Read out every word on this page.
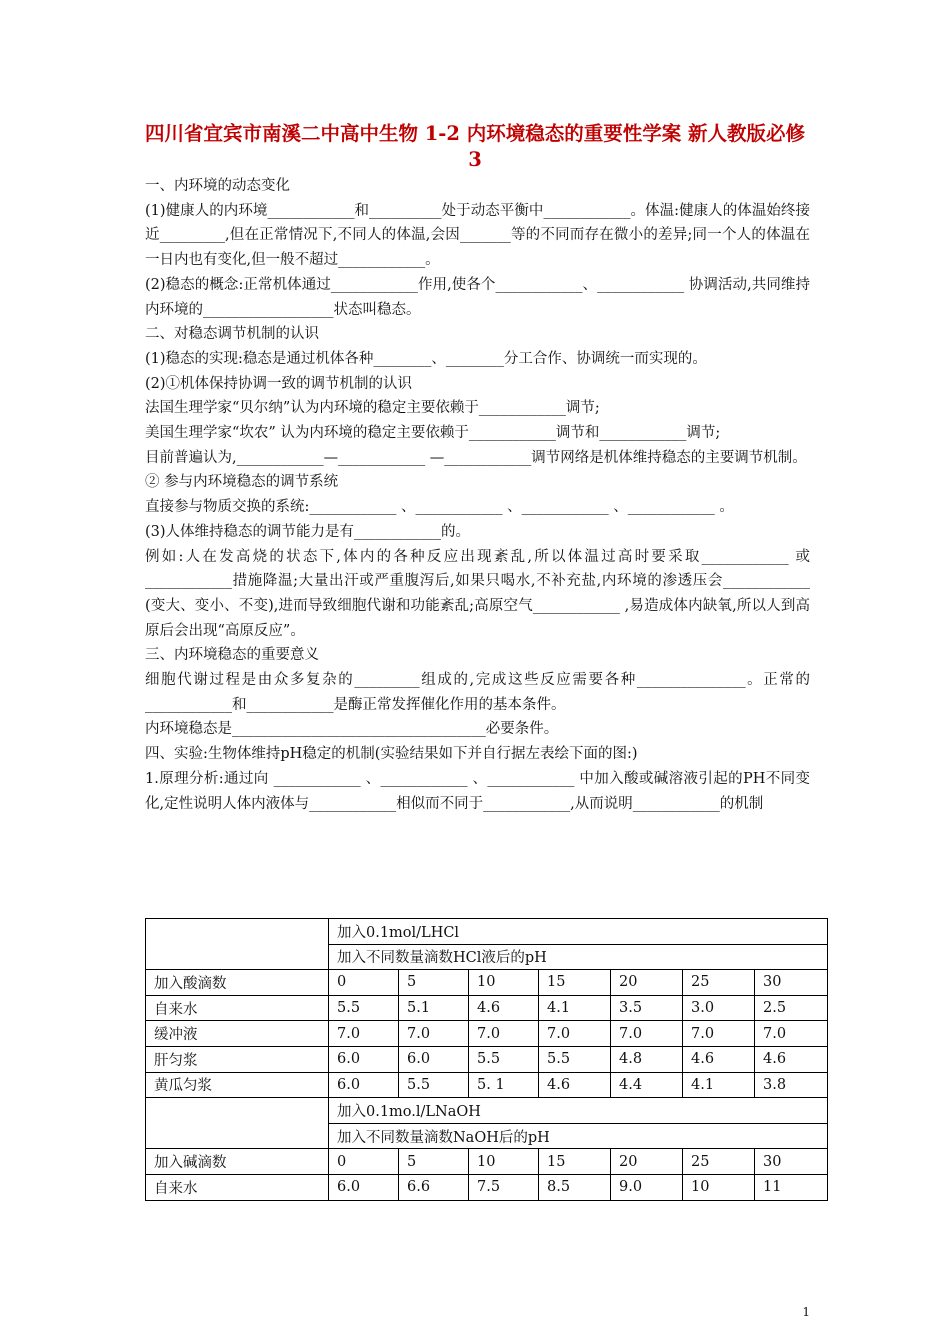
四川省宜宾市南溪二中高中生物 1-2 内环境稳态的重要性学案 新人教版必修3

一、内环境的动态变化

(1)健康人的内环境____________和__________处于动态平衡中____________。体温:健康人的体温始终接近_________,但在正常情况下,不同人的体温,会因_______等的不同而存在微小的差异;同一个人的体温在一日内也有变化,但一般不超过____________。

(2)稳态的概念:正常机体通过____________作用,使各个____________、____________ 协调活动,共同维持内环境的__________________状态叫稳态。

二、对稳态调节机制的认识

(1)稳态的实现:稳态是通过机体各种________、________分工合作、协调统一而实现的。

(2)①机体保持协调一致的调节机制的认识

法国生理学家“贝尔纳”认为内环境的稳定主要依赖于____________调节;

美国生理学家“坎农” 认为内环境的稳定主要依赖于____________调节和____________调节;

目前普遍认为,____________—____________ —____________调节网络是机体维持稳态的主要调节机制。

② 参与内环境稳态的调节系统

直接参与物质交换的系统:____________ 、____________ 、____________ 、____________ 。

(3)人体维持稳态的调节能力是有____________的。

例如:人在发高烧的状态下,体内的各种反应出现紊乱,所以体温过高时要采取____________ 或____________措施降温;大量出汗或严重腹泻后,如果只喝水,不补充盐,内环境的渗透压会____________ (变大、变小、不变),进而导致细胞代谢和功能紊乱;高原空气____________ ,易造成体内缺氧,所以人到高原后会出现“高原反应”。

三、内环境稳态的重要意义

细胞代谢过程是由众多复杂的_________组成的,完成这些反应需要各种_______________。正常的____________和____________是酶正常发挥催化作用的基本条件。

内环境稳态是___________________________________必要条件。

四、实验:生物体维持pH稳定的机制(实验结果如下并自行据左表绘下面的图:)

1.原理分析:通过向 ____________ 、____________ 、____________ 中加入酸或碱溶液引起的PH不同变化,定性说明人体内液体与____________相似而不同于____________,从而说明____________的机制

	加入0.1mol/LHCl						
	加入不同数量滴数HCl液后的pH						
加入酸滴数	0	5	10	15	20	25	30
自来水	5.5	5.1	4.6	4.1	3.5	3.0	2.5
缓冲液	7.0	7.0	7.0	7.0	7.0	7.0	7.0
肝匀浆	6.0	6.0	5.5	5.5	4.8	4.6	4.6
黄瓜匀浆	6.0	5.5	5. 1	4.6	4.4	4.1	3.8
	加入0.1mo.l/LNaOH						
	加入不同数量滴数NaOH后的pH						
加入碱滴数	0	5	10	15	20	25	30
自来水	6.0	6.6	7.5	8.5	9.0	10	11
1
